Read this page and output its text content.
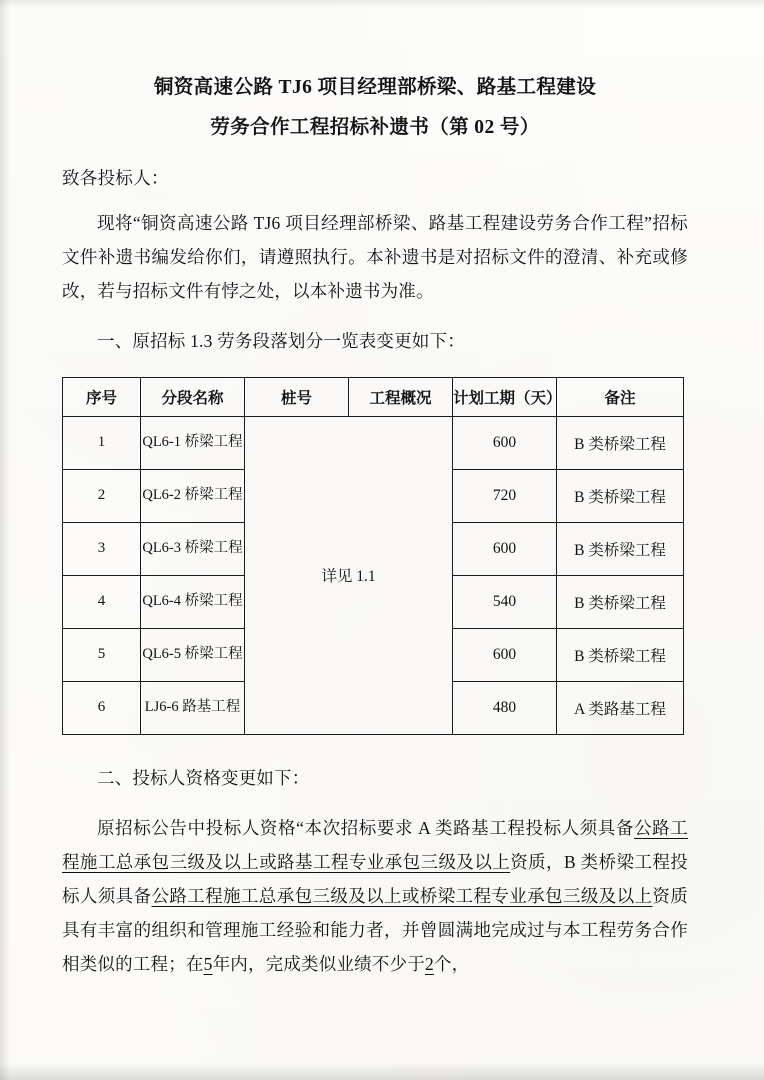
铜资高速公路 TJ6 项目经理部桥梁、路基工程建设
劳务合作工程招标补遗书（第 02 号）
致各投标人：

现将“铜资高速公路 TJ6 项目经理部桥梁、路基工程建设劳务合作工程”招标文件补遗书编发给你们，请遵照执行。本补遗书是对招标文件的澄清、补充或修改，若与招标文件有悖之处，以本补遗书为准。

一、原招标 1.3 劳务段落划分一览表变更如下：

序号	分段名称	桩号	工程概况	计划工期（天）	备注
1	QL6-1 桥梁工程	详见 1.1		600	B 类桥梁工程
2	QL6-2 桥梁工程			720	B 类桥梁工程
3	QL6-3 桥梁工程			600	B 类桥梁工程
4	QL6-4 桥梁工程			540	B 类桥梁工程
5	QL6-5 桥梁工程			600	B 类桥梁工程
6	LJ6-6 路基工程			480	A 类路基工程

二、投标人资格变更如下：

原招标公告中投标人资格“本次招标要求 A 类路基工程投标人须具备公路工程施工总承包三级及以上或路基工程专业承包三级及以上资质，B 类桥梁工程投标人须具备公路工程施工总承包三级及以上或桥梁工程专业承包三级及以上资质具有丰富的组织和管理施工经验和能力者，并曾圆满地完成过与本工程劳务合作相类似的工程；在5年内，完成类似业绩不少于2个，
